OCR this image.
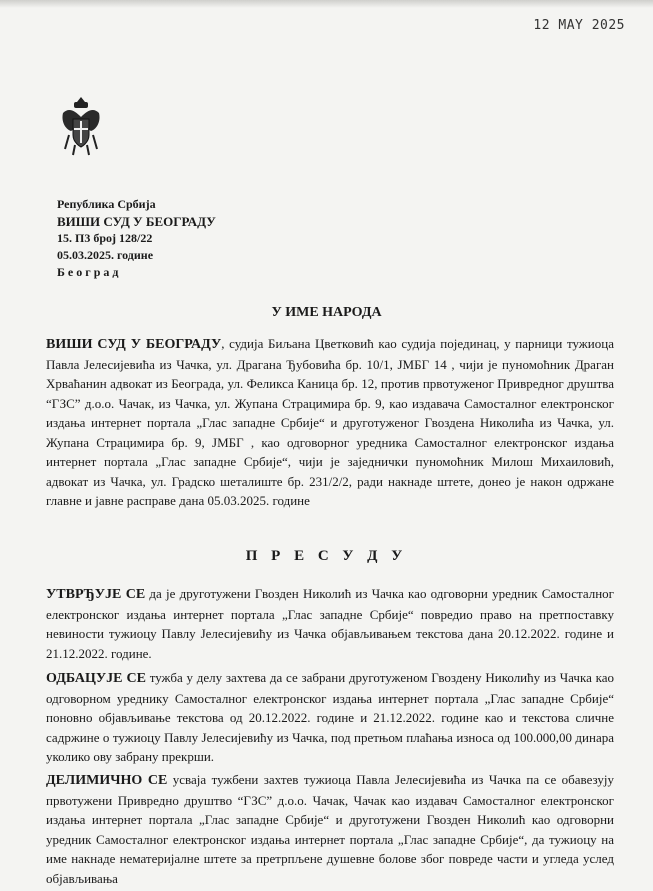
12 MAY 2025
Република Србија
ВИШИ СУД У БЕОГРАДУ
15. П3 број 128/22
05.03.2025. године
Београд
У ИМЕ НАРОДА

ВИШИ СУД У БЕОГРАДУ, судија Биљана Цветковић као судија појединац, у парници тужиоца Павла Јелесијевића из Чачка, ул. Драгана Ђубовића бр. 10/1, ЈМБГ 14 , чији је пуномоћник Драган Хрваћанин адвокат из Београда, ул. Феликса Каница бр. 12, против првотуженог Привредног друштва “ГЗС” д.о.о. Чачак, из Чачка, ул. Жупана Страцимира бр. 9, као издавача Самосталног електронског издања интернет портала „Глас западне Србије“ и друготуженог Гвоздена Николића из Чачка, ул. Жупана Страцимира бр. 9, ЈМБГ , као одговорног уредника Самосталног електронског издања интернет портала „Глас западне Србије“, чији је заједнички пуномоћник Милош Михаиловић, адвокат из Чачка, ул. Градско шеталиште бр. 231/2/2, ради накнаде штете, донео је након одржане главне и јавне расправе дана 05.03.2025. године

П Р Е С У Д У

УТВРЂУЈЕ СЕ да је друготужени Гвозден Николић из Чачка као одговорни уредник Самосталног електронског издања интернет портала „Глас западне Србије“ повредио право на претпоставку невиности тужиоцу Павлу Јелесијевићу из Чачка објављивањем текстова дана 20.12.2022. године и 21.12.2022. године.

ОДБАЦУЈЕ СЕ тужба у делу захтева да се забрани друготуженом Гвоздену Николићу из Чачка као одговорном уреднику Самосталног електронског издања интернет портала „Глас западне Србије“ поновно објављивање текстова од 20.12.2022. године и 21.12.2022. године као и текстова сличне садржине о тужиоцу Павлу Јелесијевићу из Чачка, под претњом плаћања износа од 100.000,00 динара уколико ову забрану прекрши.

ДЕЛИМИЧНО СЕ усваја тужбени захтев тужиоца Павла Јелесијевића из Чачка па се обавезују првотужени Привредно друштво “ГЗС” д.о.о. Чачак, Чачак као издавач Самосталног електронског издања интернет портала „Глас западне Србије“ и друготужени Гвозден Николић као одговорни уредник Самосталног електронског издања интернет портала „Глас западне Србије“, да тужиоцу на име накнаде нематеријалне штете за претрпљене душевне болове због повреде части и угледа услед објављивања
